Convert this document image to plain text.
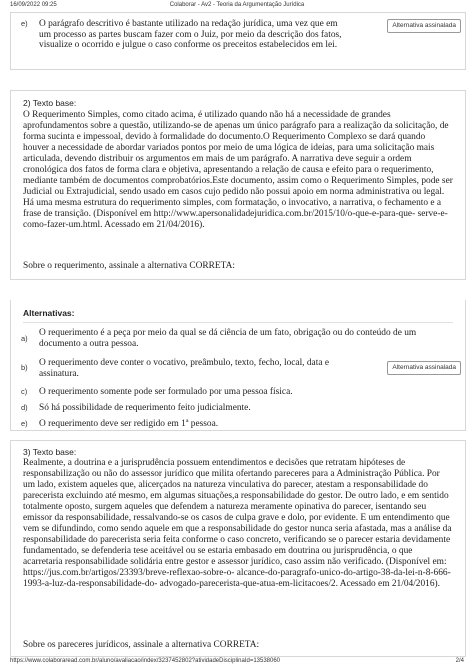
16/09/2022 09:25	Colaborar - Av2 - Teoria da Argumentação Jurídica
e) O parágrafo descritivo é bastante utilizado na redação jurídica, uma vez que em um processo as partes buscam fazer com o Juiz, por meio da descrição dos fatos, visualize o ocorrido e julgue o caso conforme os preceitos estabelecidos em lei.
Alternativa assinalada
2) Texto base:
O Requerimento Simples, como citado acima, é utilizado quando não há a necessidade de grandes aprofundamentos sobre a questão, utilizando-se de apenas um único parágrafo para a realização da solicitação, de forma sucinta e impessoal, devido à formalidade do documento.O Requerimento Complexo se dará quando houver a necessidade de abordar variados pontos por meio de uma lógica de ideias, para uma solicitação mais articulada, devendo distribuir os argumentos em mais de um parágrafo. A narrativa deve seguir a ordem cronológica dos fatos de forma clara e objetiva, apresentando a relação de causa e efeito para o requerimento, mediante também de documentos comprobatórios.Este documento, assim como o Requerimento Simples, pode ser Judicial ou Extrajudicial, sendo usado em casos cujo pedido não possui apoio em norma administrativa ou legal. Há uma mesma estrutura do requerimento simples, com formatação, o invocativo, a narrativa, o fechamento e a frase de transição. (Disponível em http://www.apersonalidadejuridica.com.br/2015/10/o-que-e-para-que- serve-e-como-fazer-um.html. Acessado em 21/04/2016).
Sobre o requerimento, assinale a alternativa CORRETA:
Alternativas:
a)
O requerimento é a peça por meio da qual se dá ciência de um fato, obrigação ou do conteúdo de um documento a outra pessoa.
b) O requerimento deve conter o vocativo, preâmbulo, texto, fecho, local, data e assinatura.
Alternativa assinalada
c) O requerimento somente pode ser formulado por uma pessoa física.
d) Só há possibilidade de requerimento feito judicialmente.
e) O requerimento deve ser redigido em 1ª pessoa.
3) Texto base:
Realmente, a doutrina e a jurisprudência possuem entendimentos e decisões que retratam hipóteses de responsabilização ou não do assessor jurídico que milita ofertando pareceres para a Administração Pública. Por um lado, existem aqueles que, alicerçados na natureza vinculativa do parecer, atestam a responsabilidade do parecerista excluindo até mesmo, em algumas situações,a responsabilidade do gestor. De outro lado, e em sentido totalmente oposto, surgem aqueles que defendem a natureza meramente opinativa do parecer, isentando seu emissor da responsabilidade, ressalvando-se os casos de culpa grave e dolo, por evidente. E um entendimento que vem se difundindo, como sendo aquele em que a responsabilidade do gestor nunca seria afastada, mas a análise da responsabilidade do parecerista seria feita conforme o caso concreto, verificando se o parecer estaria devidamente fundamentado, se defenderia tese aceitável ou se estaria embasado em doutrina ou jurisprudência, o que acarretaria responsabilidade solidária entre gestor e assessor jurídico, caso assim não verificado. (Disponível em: https://jus.com.br/artigos/23393/breve-reflexao-sobre-o- alcance-do-paragrafo-unico-do-artigo-38-da-lei-n-8-666-1993-a-luz-da-responsabilidade-do- advogado-parecerista-que-atua-em-licitacoes/2. Acessado em 21/04/2016).
Sobre os pareceres jurídicos, assinale a alternativa CORRETA:
https://www.colaboraread.com.br/aluno/avaliacao/index/3237452802?atividadeDisciplinaId=13538060	2/4
